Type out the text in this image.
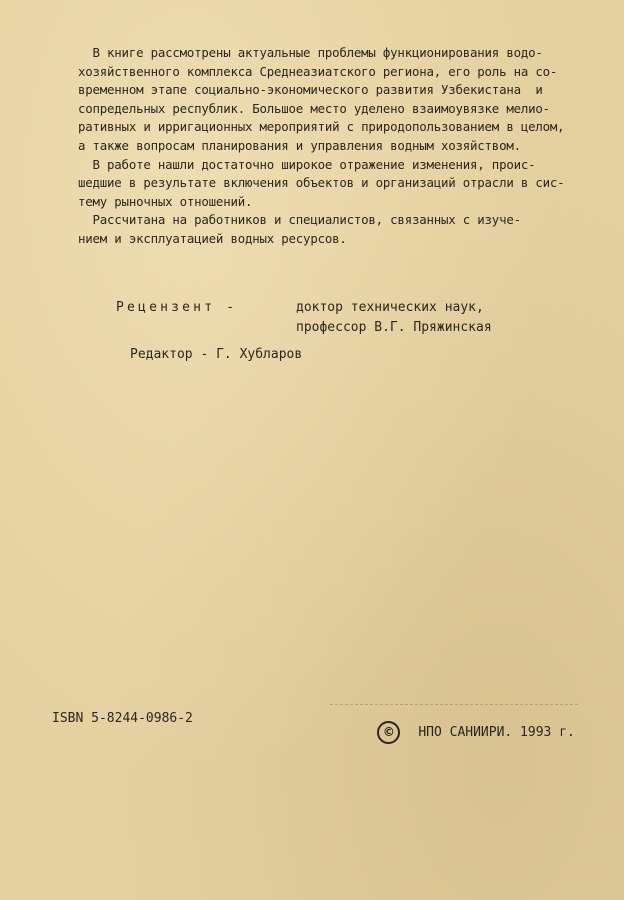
В книге рассмотрены актуальные проблемы функционирования водо-
хозяйственного комплекса Среднеазиатского региона, его роль на со-
временном этапе социально-экономического развития Узбекистана  и
сопредельных республик. Большое место уделено взаимоувязке мелио-
ративных и ирригационных мероприятий с природопользованием в целом,
а также вопросам планирования и управления водным хозяйством.
В работе нашли достаточно широкое отражение изменения, проис-
шедшие в результате включения объектов и организаций отрасли в сис-
тему рыночных отношений.
Рассчитана на работников и специалистов, связанных с изуче-
нием и эксплуатацией водных ресурсов.
Рецензент -	доктор технических наук,
профессор В.Г. Пряжинская
Редактор - Г. Хубларов
ISBN 5-8244-0986-2

© НПО САНИИРИ. 1993 г.
